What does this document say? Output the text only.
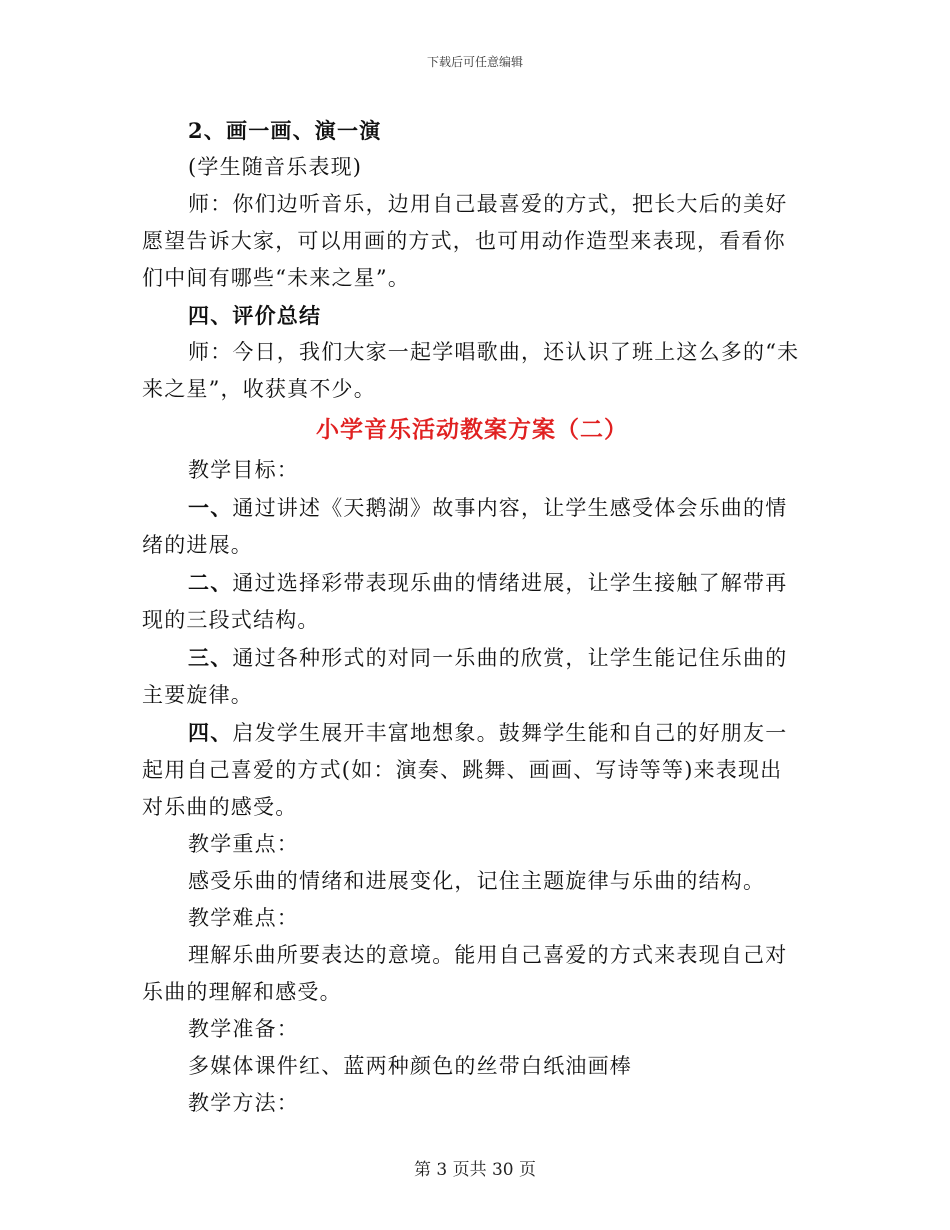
下载后可任意编辑

2、画一画、演一演

(学生随音乐表现)

师：你们边听音乐，边用自己最喜爱的方式，把长大后的美好愿望告诉大家，可以用画的方式，也可用动作造型来表现，看看你们中间有哪些“未来之星”。

四、评价总结

师：今日，我们大家一起学唱歌曲，还认识了班上这么多的“未来之星”，收获真不少。

小学音乐活动教案方案（二）

教学目标：

一、通过讲述《天鹅湖》故事内容，让学生感受体会乐曲的情绪的进展。

二、通过选择彩带表现乐曲的情绪进展，让学生接触了解带再现的三段式结构。

三、通过各种形式的对同一乐曲的欣赏，让学生能记住乐曲的主要旋律。

四、启发学生展开丰富地想象。鼓舞学生能和自己的好朋友一起用自己喜爱的方式(如：演奏、跳舞、画画、写诗等等)来表现出对乐曲的感受。

教学重点：

感受乐曲的情绪和进展变化，记住主题旋律与乐曲的结构。

教学难点：

理解乐曲所要表达的意境。能用自己喜爱的方式来表现自己对乐曲的理解和感受。

教学准备：

多媒体课件红、蓝两种颜色的丝带白纸油画棒

教学方法：

第 3 页共 30 页
